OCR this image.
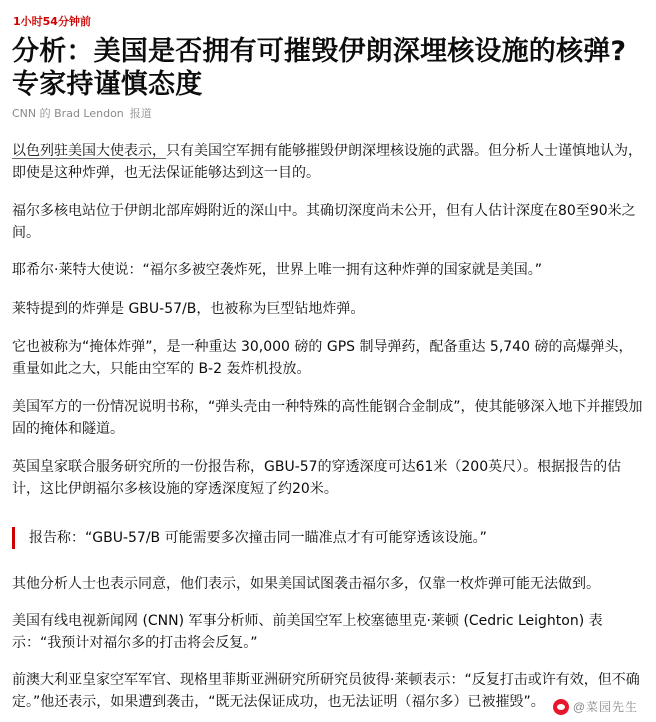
1小时54分钟前
分析：美国是否拥有可摧毁伊朗深埋核设施的核弹?专家持谨慎态度
CNN 的 Brad Lendon 报道

以色列驻美国大使表示，只有美国空军拥有能够摧毁伊朗深埋核设施的武器。但分析人士谨慎地认为，即使是这种炸弹，也无法保证能够达到这一目的。

福尔多核电站位于伊朗北部库姆附近的深山中。其确切深度尚未公开，但有人估计深度在80至90米之间。

耶希尔·莱特大使说：“福尔多被空袭炸死，世界上唯一拥有这种炸弹的国家就是美国。”

莱特提到的炸弹是 GBU-57/B，也被称为巨型钻地炸弹。

它也被称为“掩体炸弹”，是一种重达 30,000 磅的 GPS 制导弹药，配备重达 5,740 磅的高爆弹头，重量如此之大，只能由空军的 B-2 轰炸机投放。

美国军方的一份情况说明书称，“弹头壳由一种特殊的高性能钢合金制成”，使其能够深入地下并摧毁加固的掩体和隧道。

英国皇家联合服务研究所的一份报告称，GBU-57的穿透深度可达61米（200英尺）。根据报告的估计，这比伊朗福尔多核设施的穿透深度短了约20米。

报告称：“GBU-57/B 可能需要多次撞击同一瞄准点才有可能穿透该设施。”

其他分析人士也表示同意，他们表示，如果美国试图袭击福尔多，仅靠一枚炸弹可能无法做到。

美国有线电视新闻网 (CNN) 军事分析师、前美国空军上校塞德里克·莱顿 (Cedric Leighton) 表示：“我预计对福尔多的打击将会反复。”

前澳大利亚皇家空军军官、现格里菲斯亚洲研究所研究员彼得·莱顿表示：“反复打击或许有效，但不确定。”他还表示，如果遭到袭击，“既无法保证成功，也无法证明（福尔多）已被摧毁”。	@菜园先生
